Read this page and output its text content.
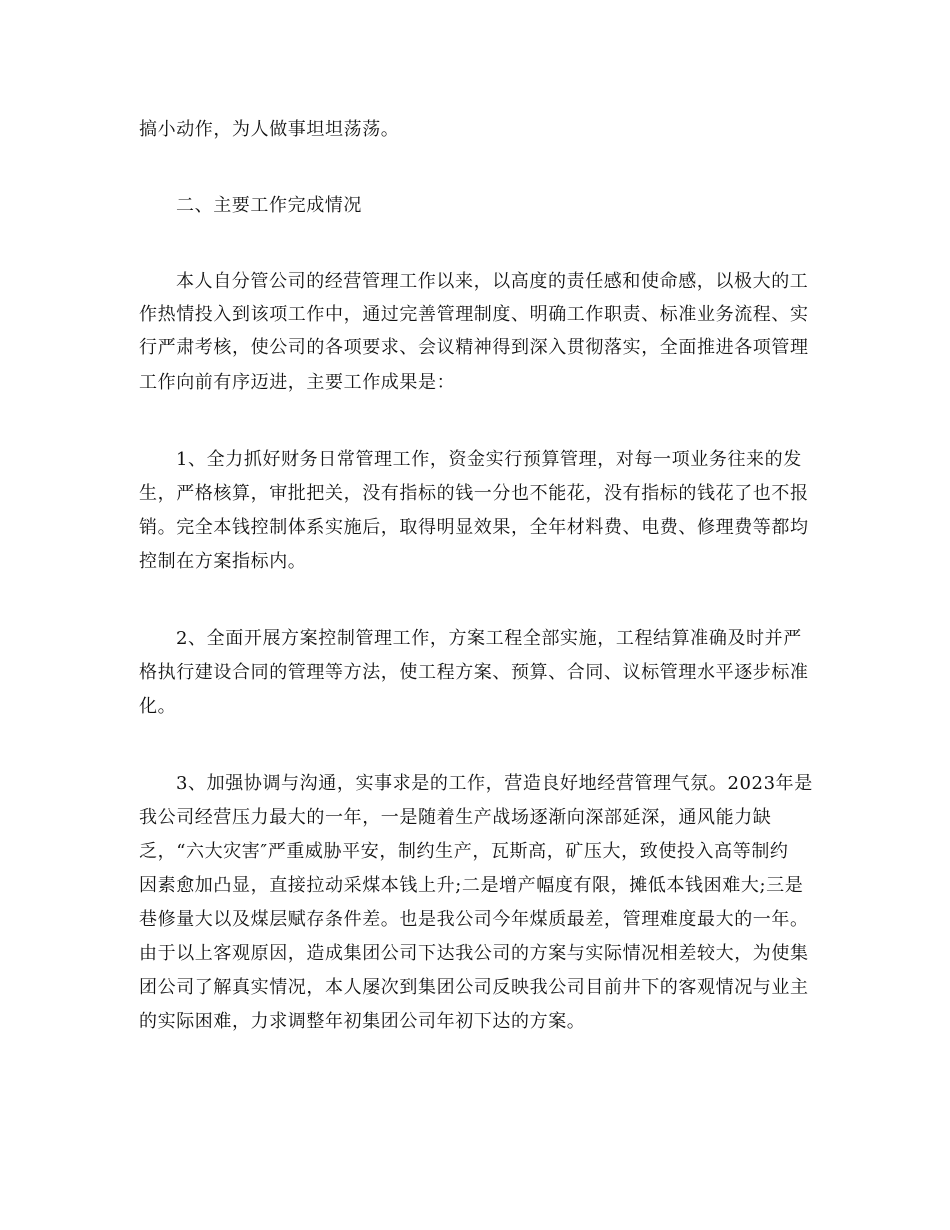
搞小动作，为人做事坦坦荡荡。
二、主要工作完成情况
本人自分管公司的经营管理工作以来，以高度的责任感和使命感，以极大的工
作热情投入到该项工作中，通过完善管理制度、明确工作职责、标准业务流程、实
行严肃考核，使公司的各项要求、会议精神得到深入贯彻落实，全面推进各项管理
工作向前有序迈进，主要工作成果是：
1、全力抓好财务日常管理工作，资金实行预算管理，对每一项业务往来的发
生，严格核算，审批把关，没有指标的钱一分也不能花，没有指标的钱花了也不报
销。完全本钱控制体系实施后，取得明显效果，全年材料费、电费、修理费等都均
控制在方案指标内。
2、全面开展方案控制管理工作，方案工程全部实施，工程结算准确及时并严
格执行建设合同的管理等方法，使工程方案、预算、合同、议标管理水平逐步标准
化。
3、加强协调与沟通，实事求是的工作，营造良好地经营管理气氛。2023年是
我公司经营压力最大的一年，一是随着生产战场逐渐向深部延深，通风能力缺
乏，“六大灾害″严重威胁平安，制约生产，瓦斯高，矿压大，致使投入高等制约
因素愈加凸显，直接拉动采煤本钱上升;二是增产幅度有限，摊低本钱困难大;三是
巷修量大以及煤层赋存条件差。也是我公司今年煤质最差，管理难度最大的一年。
由于以上客观原因，造成集团公司下达我公司的方案与实际情况相差较大，为使集
团公司了解真实情况，本人屡次到集团公司反映我公司目前井下的客观情况与业主
的实际困难，力求调整年初集团公司年初下达的方案。
